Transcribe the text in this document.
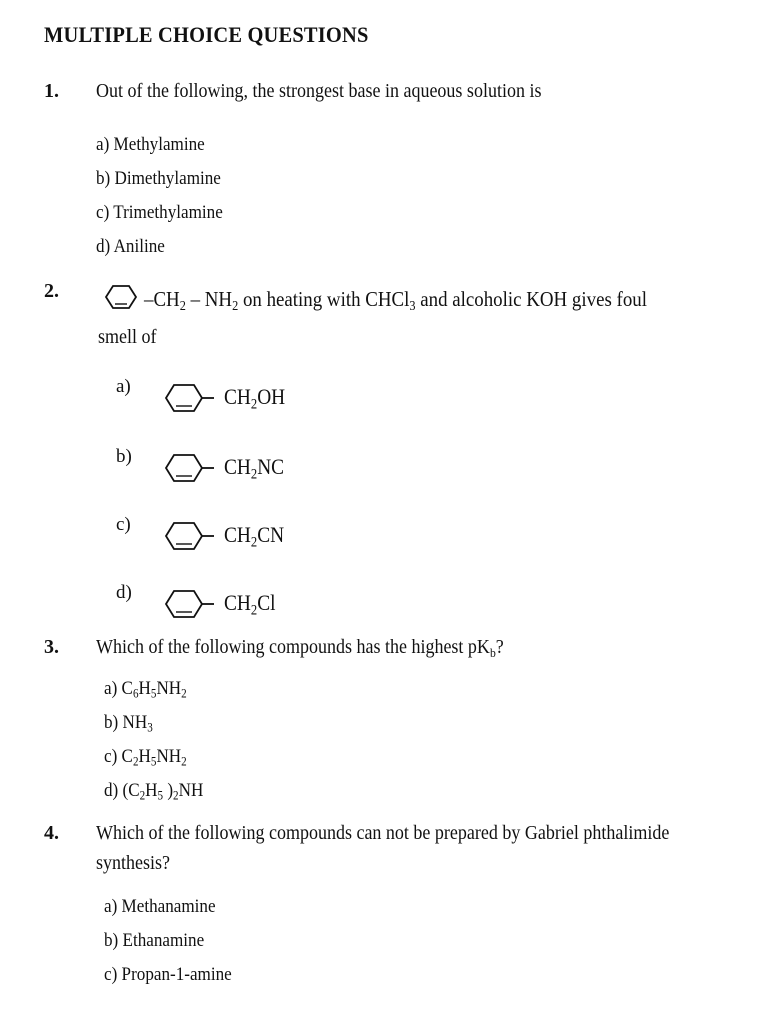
MULTIPLE CHOICE QUESTIONS
1. Out of the following, the strongest base in aqueous solution is
a) Methylamine
b) Dimethylamine
c) Trimethylamine
d) Aniline
2.	$-CH_2 - NH_2$ on heating with CHCl$_3$ and alcoholic KOH gives foul
smell of
a)	$CH_2OH$
b)	$CH_2NC$
c)	$CH_2CN$
d)	$CH_2Cl$
3. Which of the following compounds has the highest $pK_b$?
a) $C_6H_5NH_2$
b) $NH_3$
c) $C_2H_5NH_2$
d) ($C_2H_5$ )$_2NH$
4. Which of the following compounds can not be prepared by Gabriel phthalimide
synthesis?
a) Methanamine
b) Ethanamine
c) Propan-1-amine
